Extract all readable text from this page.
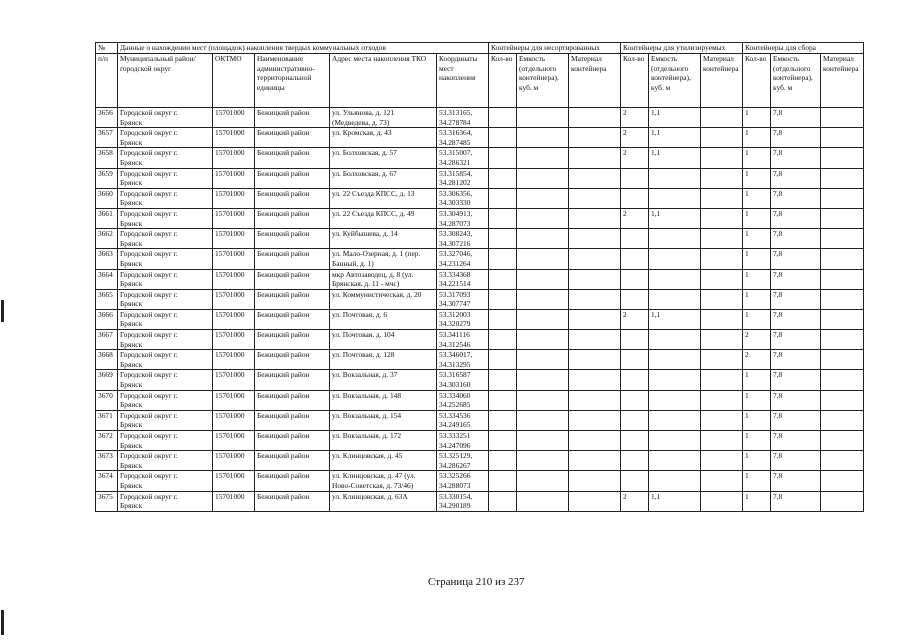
№	Данные о нахождении мест (площадок) накопления твердых коммунальных отходов					Контейнеры для несортированных			Контейнеры для утилизируемых			Контейнеры для сбора		
п/п	Муниципальный район/городской округ	ОКТМО	Наименование административно-территориальной единицы	Адрес места накопления ТКО	Координаты мест накопления	Кол-во	Емкость (отдельного контейнера), куб. м	Материал контейнера	Кол-во	Емкость (отдельного контейнера), куб. м	Материал контейнера	Кол-во	Емкость (отдельного контейнера), куб. м	Материал контейнера
3656	Городской округ г.
Брянск	15701000	Бежицкий район	ул. Ульянова, д. 121
(Медведева, д. 73)	53.313165,
34.278784				2	1,1		1	7,8	
3657	Городской округ г.
Брянск	15701000	Бежицкий район	ул. Кромская, д. 43	53.316364,
34.287485				2	1,1		1	7,8	
3658	Городской округ г.
Брянск	15701000	Бежицкий район	ул. Болховская, д. 57	53.315007,
34.286321				2	1,1		1	7,8	
3659	Городской округ г.
Брянск	15701000	Бежицкий район	ул. Болховская, д. 67	53.315854,
34.281202							1	7,8	
3660	Городской округ г.
Брянск	15701000	Бежицкий район	ул. 22 Съезда КПСС, д. 13	53.306356,
34.303330							1	7,8	
3661	Городской округ г.
Брянск	15701000	Бежицкий район	ул. 22 Съезда КПСС, д. 49	53.304913,
34.287073				2	1,1		1	7,8	
3662	Городской округ г.
Брянск	15701000	Бежицкий район	ул. Куйбышева, д. 14	53.308243,
34.307216							1	7,8	
3663	Городской округ г.
Брянск	15701000	Бежицкий район	ул. Мало-Озерная, д. 1 (пер.
Банный, д. 1)	53.327046,
34.231264							1	7,8	
3664	Городской округ г.
Брянск	15701000	Бежицкий район	мкр Автозаводец, д. 8 (ул.
Брянская, д. 11 - мчс)	53.334368
34.221514							1	7,8	
3665	Городской округ г.
Брянск	15701000	Бежицкий район	ул. Коммунистическая, д. 20	53.317093
34.307747							1	7,8	
3666	Городской округ г.
Брянск	15701000	Бежицкий район	ул. Почтовая, д. 6	53.312003
34.320279				2	1,1		1	7,8	
3667	Городской округ г.
Брянск	15701000	Бежицкий район	ул. Почтовая, д. 104	53.341116
34.312546							2	7,8	
3668	Городской округ г.
Брянск	15701000	Бежицкий район	ул. Почтовая, д. 128	53.346017,
34.313295							2	7,8	
3669	Городской округ г.
Брянск	15701000	Бежицкий район	ул. Вокзальная, д. 37	53.316587
34.303160							1	7,8	
3670	Городской округ г.
Брянск	15701000	Бежицкий район	ул. Вокзальная, д. 148	53.334060
34.252685							1	7,8	
3671	Городской округ г.
Брянск	15701000	Бежицкий район	ул. Вокзальная, д. 154	53.334536
34.249165							1	7,8	
3672	Городской округ г.
Брянск	15701000	Бежицкий район	ул. Вокзальная, д. 172	53.333251
34.247096							1	7,8	
3673	Городской округ г.
Брянск	15701000	Бежицкий район	ул. Клинцовская, д. 45	53.325129,
34.286267							1	7,8	
3674	Городской округ г.
Брянск	15701000	Бежицкий район	ул. Клинцовская, д. 47 (ул.
Ново-Советская, д. 73/46)	53.325266
34.288073							1	7,8	
3675	Городской округ г.
Брянск	15701000	Бежицкий район	ул. Клинцовская, д. 63А	53.330154,
34.290189				2	1,1		1	7,8	
Страница 210 из 237
